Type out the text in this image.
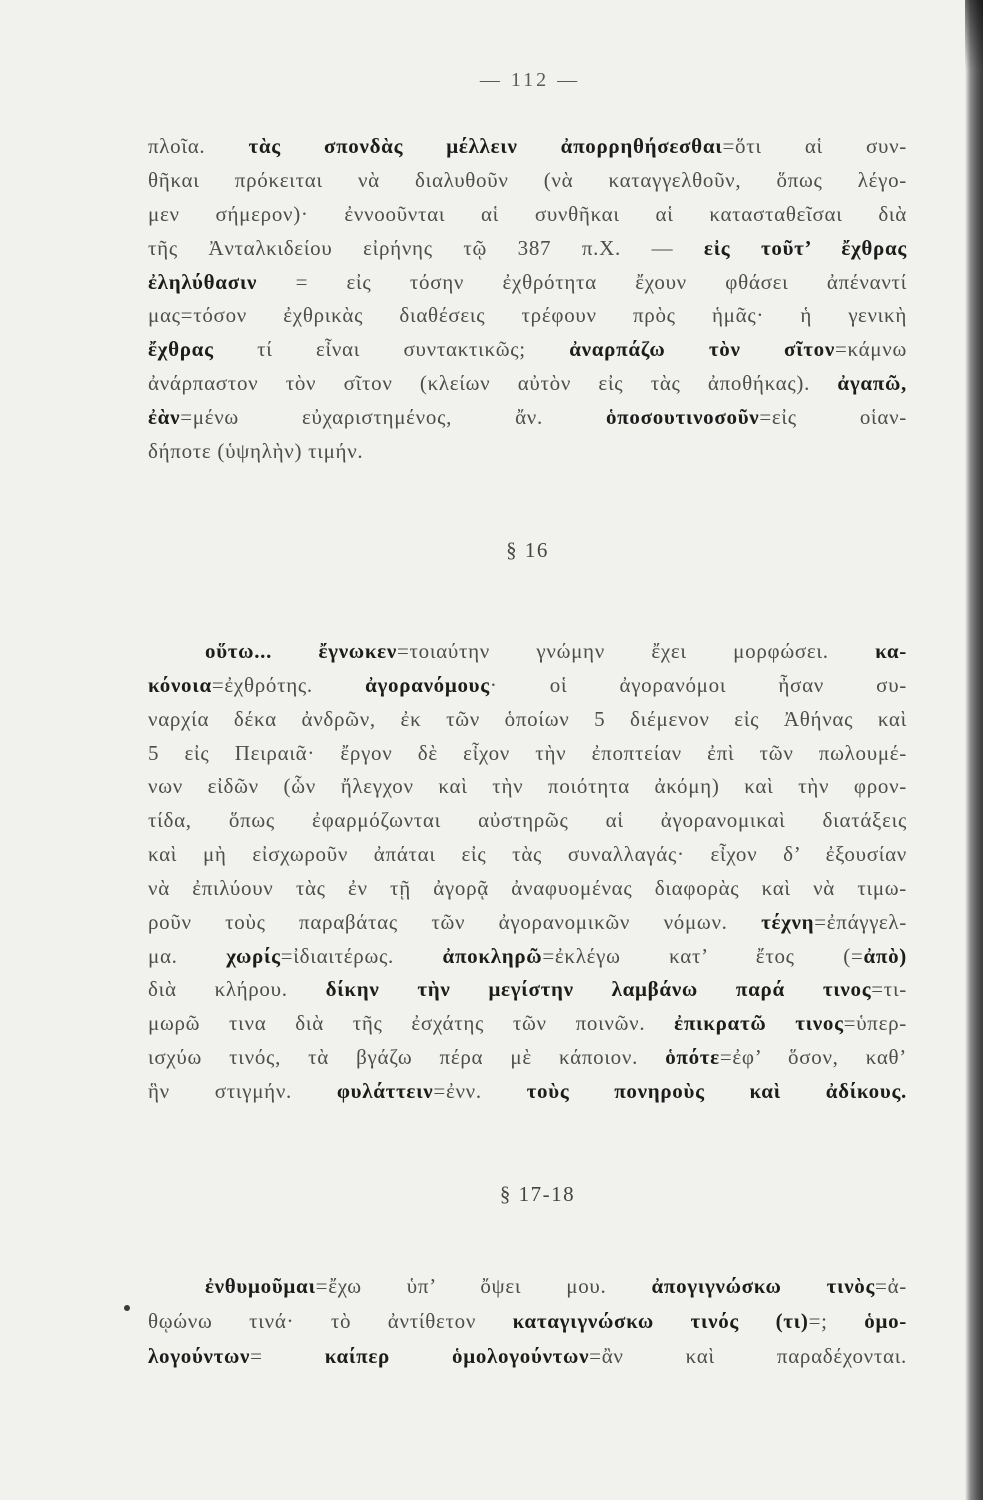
— 112 —
πλοῖα. τὰς σπονδὰς μέλλειν ἀπορρηθήσεσθαι=ὅτι αἱ συν-
θῆκαι πρόκειται νὰ διαλυθοῦν (νὰ καταγγελθοῦν, ὅπως λέγο-
μεν σήμερον)· ἐννοοῦνται αἱ συνθῆκαι αἱ κατασταθεῖσαι διὰ
τῆς Ἀνταλκιδείου εἰρήνης τῷ 387 π.Χ. — εἰς τοῦτ’ ἔχθρας
ἐληλύθασιν = εἰς τόσην ἐχθρότητα ἔχουν φθάσει ἀπέναντί
μας=τόσον ἐχθρικὰς διαθέσεις τρέφουν πρὸς ἡμᾶς· ἡ γενικὴ
ἔχθρας τί εἶναι συντακτικῶς; ἀναρπάζω τὸν σῖτον=κάμνω
ἀνάρπαστον τὸν σῖτον (κλείων αὐτὸν εἰς τὰς ἀποθήκας). ἀγαπῶ,
ἐὰν=μένω εὐχαριστημένος, ἄν. ὁποσουτινοσοῦν=εἰς οἱαν-
δήποτε (ὑψηλὴν) τιμήν.
§ 16
οὕτω... ἔγνωκεν=τοιαύτην γνώμην ἔχει μορφώσει. κα-
κόνοια=ἐχθρότης. ἀγορανόμους· οἱ ἀγορανόμοι ἦσαν συ-
ναρχία δέκα ἀνδρῶν, ἐκ τῶν ὁποίων 5 διέμενον εἰς Ἀθήνας καὶ
5 εἰς Πειραιᾶ· ἔργον δὲ εἶχον τὴν ἐποπτείαν ἐπὶ τῶν πωλουμέ-
νων εἰδῶν (ὧν ἤλεγχον καὶ τὴν ποιότητα ἀκόμη) καὶ τὴν φρον-
τίδα, ὅπως ἐφαρμόζωνται αὐστηρῶς αἱ ἀγορανομικαὶ διατάξεις
καὶ μὴ εἰσχωροῦν ἀπάται εἰς τὰς συναλλαγάς· εἶχον δ’ ἐξουσίαν
νὰ ἐπιλύουν τὰς ἐν τῇ ἀγορᾷ ἀναφυομένας διαφορὰς καὶ νὰ τιμω-
ροῦν τοὺς παραβάτας τῶν ἀγορανομικῶν νόμων. τέχνη=ἐπάγγελ-
μα. χωρίς=ἰδιαιτέρως. ἀποκληρῶ=ἐκλέγω κατ’ ἔτος (=ἀπὸ)
διὰ κλήρου. δίκην τὴν μεγίστην λαμβάνω παρά τινος=τι-
μωρῶ τινα διὰ τῆς ἐσχάτης τῶν ποινῶν. ἐπικρατῶ τινος=ὑπερ-
ισχύω τινός, τὰ βγάζω πέρα μὲ κάποιον. ὁπότε=ἐφ’ ὅσον, καθ’
ἣν στιγμήν. φυλάττειν=ἐνν. τοὺς πονηροὺς καὶ ἀδίκους.
§ 17-18
ἐνθυμοῦμαι=ἔχω ὑπ’ ὄψει μου. ἀπογιγνώσκω τινὸς=ἀ-
θῳώνω τινά· τὸ ἀντίθετον καταγιγνώσκω τινός (τι)=; ὁμο-
λογούντων= καίπερ ὁμολογούντων=ἂν καὶ παραδέχονται.
